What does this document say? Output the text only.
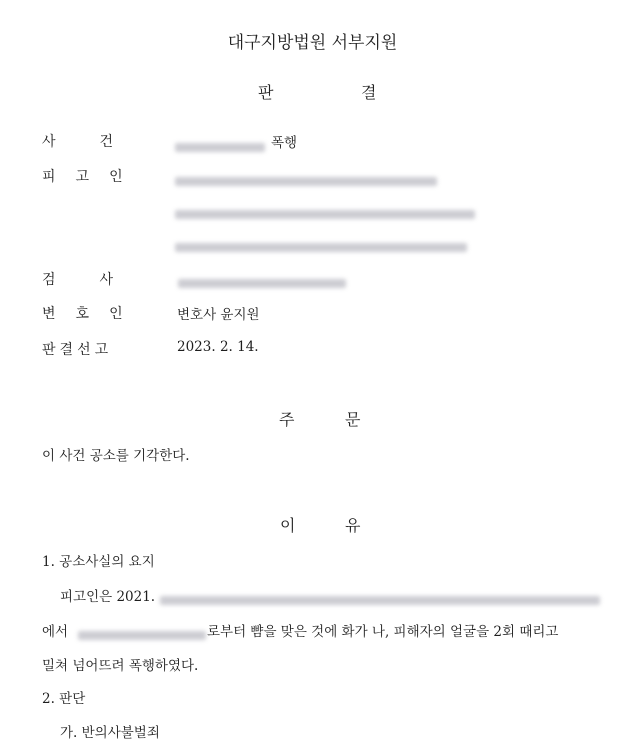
대구지방법원 서부지원
판	결
사	건	폭행
피 고 인
검	사
변 호 인	변호사 윤지원
판 결 선 고	2023. 2. 14.
주	문
이 사건 공소를 기각한다.
이	유
1. 공소사실의 요지
피고인은 2021.
에서	로부터 뺨을 맞은 것에 화가 나, 피해자의 얼굴을 2회 때리고
밀쳐 넘어뜨려 폭행하였다.
2. 판단
가. 반의사불벌죄
